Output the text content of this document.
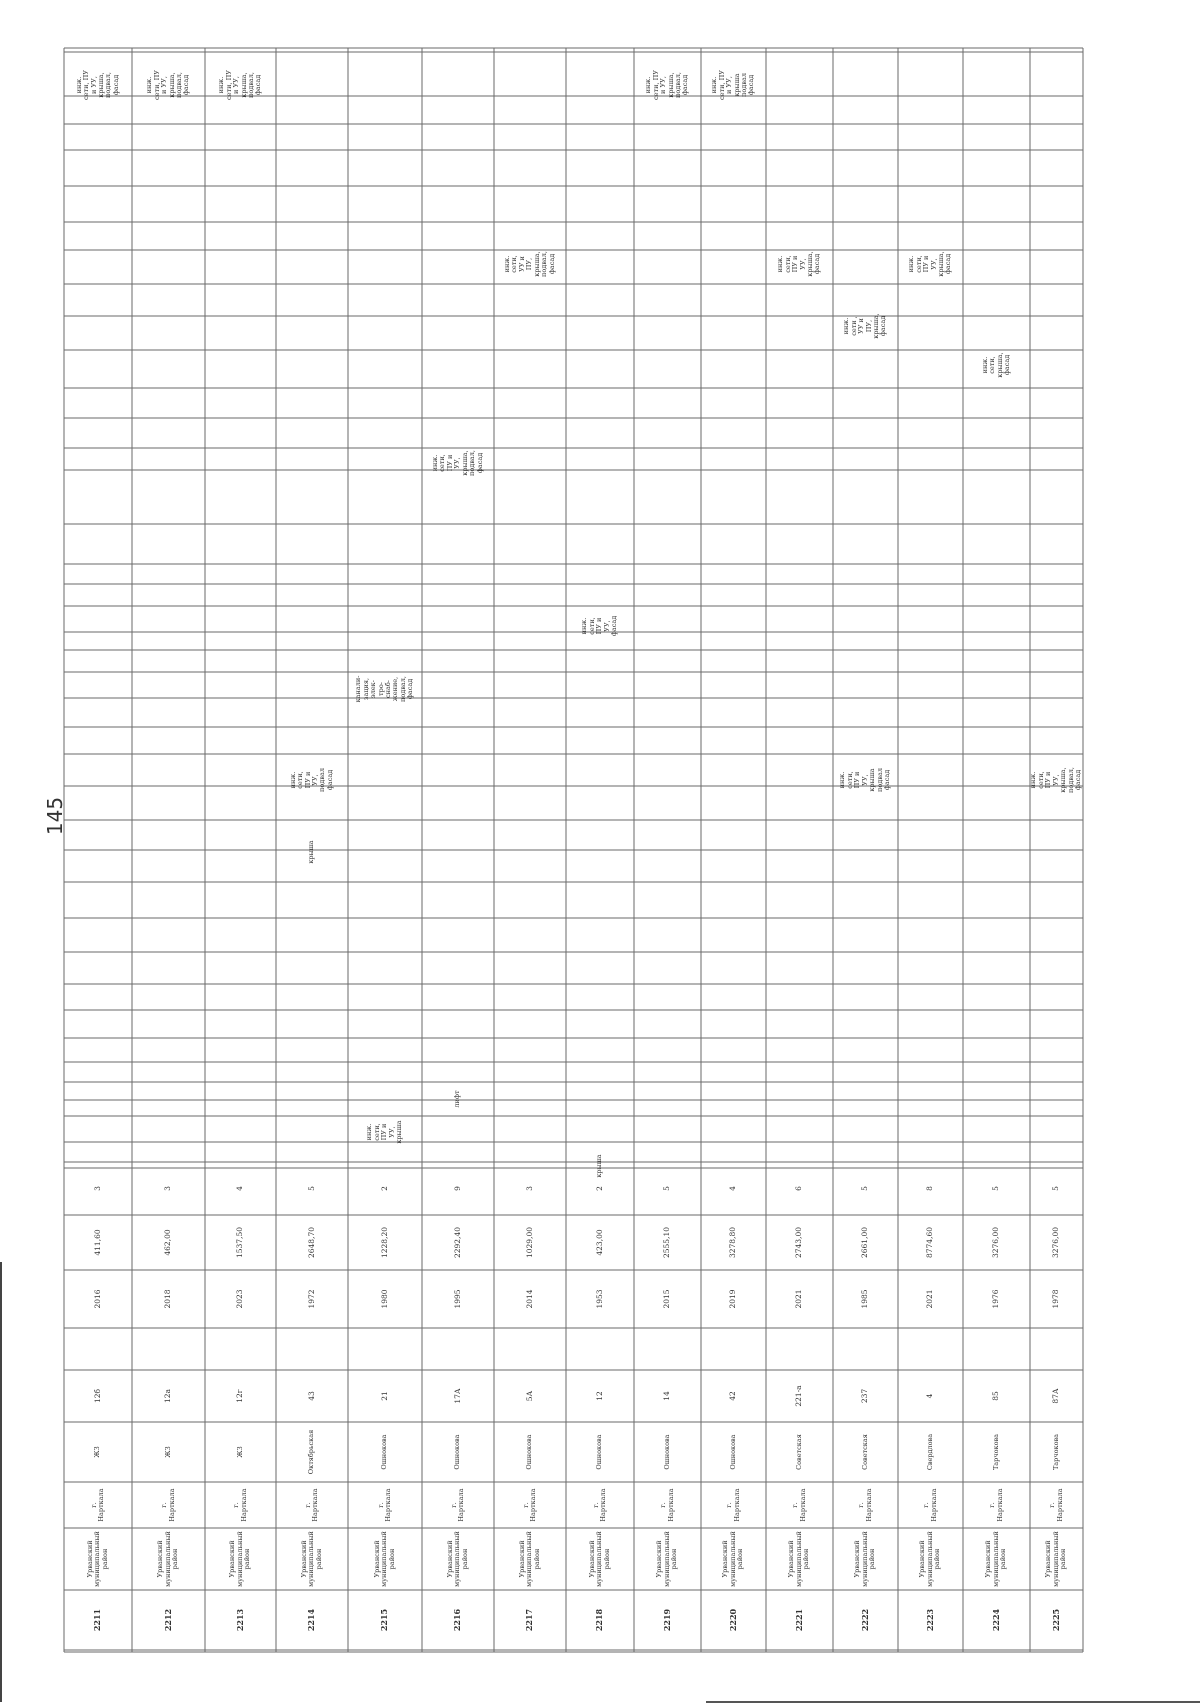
145
2211
Урванский
муниципальный
район
г.
Нарткала
ЖЗ
12б
2016
411,60
3
инж.
сети, ПУ
и УУ,
крыша,
подвал,
фасад
2212
Урванский
муниципальный
район
г.
Нарткала
ЖЗ
12а
2018
462,00
3
инж.
сети, ПУ
и УУ,
крыша,
подвал,
фасад
2213
Урванский
муниципальный
район
г.
Нарткала
ЖЗ
12г
2023
1537,50
4
инж.
сети, ПУ
и УУ,
крыша,
подвал,
фасад
2214
Урванский
муниципальный
район
г.
Нарткала
Октябрьская
43
1972
2648,70
5
крыша
инж.
сети,
ПУ и
УУ,
подвал
фасад
2215
Урванский
муниципальный
район
г.
Нарткала
Ошнокова
21
1980
1228,20
2
инж.
сети,
ПУ и
УУ,
крыша
канали-
зация,
элек-
тро-
снаб-
жение,
подвал,
фасад
2216
Урванский
муниципальный
район
г.
Нарткала
Ошнокова
17А
1995
2292,40
9
лифт
инж.
сети,
ПУ и
УУ,
крыша,
подвал,
фасад
2217
Урванский
муниципальный
район
г.
Нарткала
Ошнокова
5А
2014
1029,00
3
инж.
сети,
УУ и
ПУ,
крыша,
подвал,
фасад
2218
Урванский
муниципальный
район
г.
Нарткала
Ошнокова
12
1953
423,00
2
крыша
инж.
сети,
ПУ и
УУ,
фасад
2219
Урванский
муниципальный
район
г.
Нарткала
Ошнокова
14
2015
2555,10
5
инж.
сети, ПУ
и УУ,
крыша,
подвал,
фасад
2220
Урванский
муниципальный
район
г.
Нарткала
Ошнокова
42
2019
3278,80
4
инж.
сети, ПУ
и УУ,
крыша
подвал
фасад
2221
Урванский
муниципальный
район
г.
Нарткала
Советская
221-а
2021
2743,00
6
инж.
сети,
ПУ и
УУ,
крыша,
фасад
2222
Урванский
муниципальный
район
г.
Нарткала
Советская
237
1985
2661,00
5
инж.
сети,
ПУ и
УУ,
крыша
подвал
фасад
инж.
сети ,
УУ и
ПУ,
крыша,
фасад
2223
Урванский
муниципальный
район
г.
Нарткала
Свердлова
4
2021
8774,60
8
инж.
сети,
ПУ и
УУ,
крыша,
фасад
2224
Урванский
муниципальный
район
г.
Нарткала
Тарчокова
85
1976
3276,00
5
инж.
сети,
крыша,
фасад
2225
Урванский
муниципальный
район
г.
Нарткала
Тарчокова
87А
1978
3276,00
5
инж.
сети,
ПУ и
УУ,
крыша,
подвал,
фасад
